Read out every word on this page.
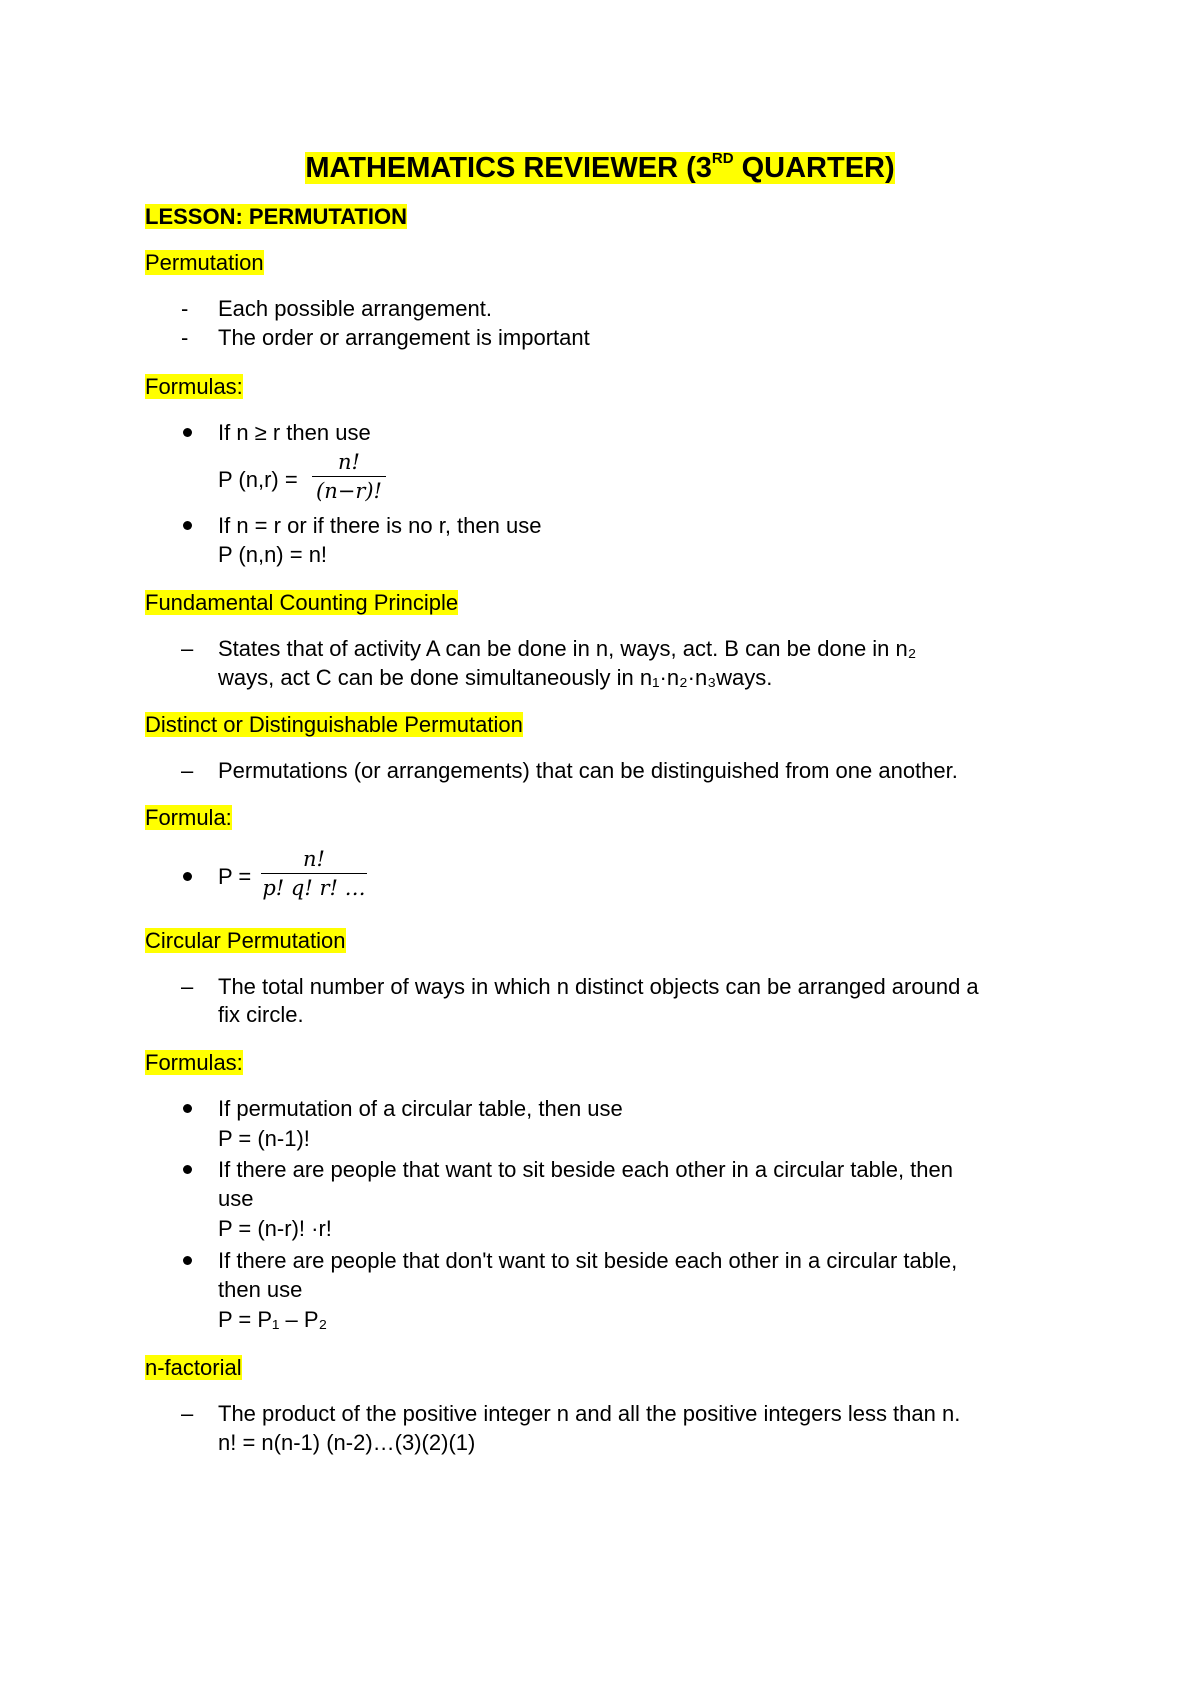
MATHEMATICS REVIEWER (3RD QUARTER)
LESSON: PERMUTATION
Permutation
- Each possible arrangement.
- The order or arrangement is important
Formulas:
If n ≥ r then use
P $(n,r) = \frac{n!}{(n-r)!}$
If n = r or if there is no r, then use
P (n,n) = n!
Fundamental Counting Principle
– States that of activity A can be done in n, ways, act. B can be done in n₂
ways, act C can be done simultaneously in n₁·n₂·n₃ways.
Distinct or Distinguishable Permutation
– Permutations (or arrangements) that can be distinguished from one another.
Formula:
$P = \frac{n!}{p! q! r! \dots}$
Circular Permutation
– The total number of ways in which n distinct objects can be arranged around a
fix circle.
Formulas:
If permutation of a circular table, then use
P = (n-1)!
If there are people that want to sit beside each other in a circular table, then
use
P = (n-r)! ·r!
If there are people that don't want to sit beside each other in a circular table,
then use
P = P₁ – P₂
n-factorial
– The product of the positive integer n and all the positive integers less than n.
n! = n(n-1) (n-2)…(3)(2)(1)
